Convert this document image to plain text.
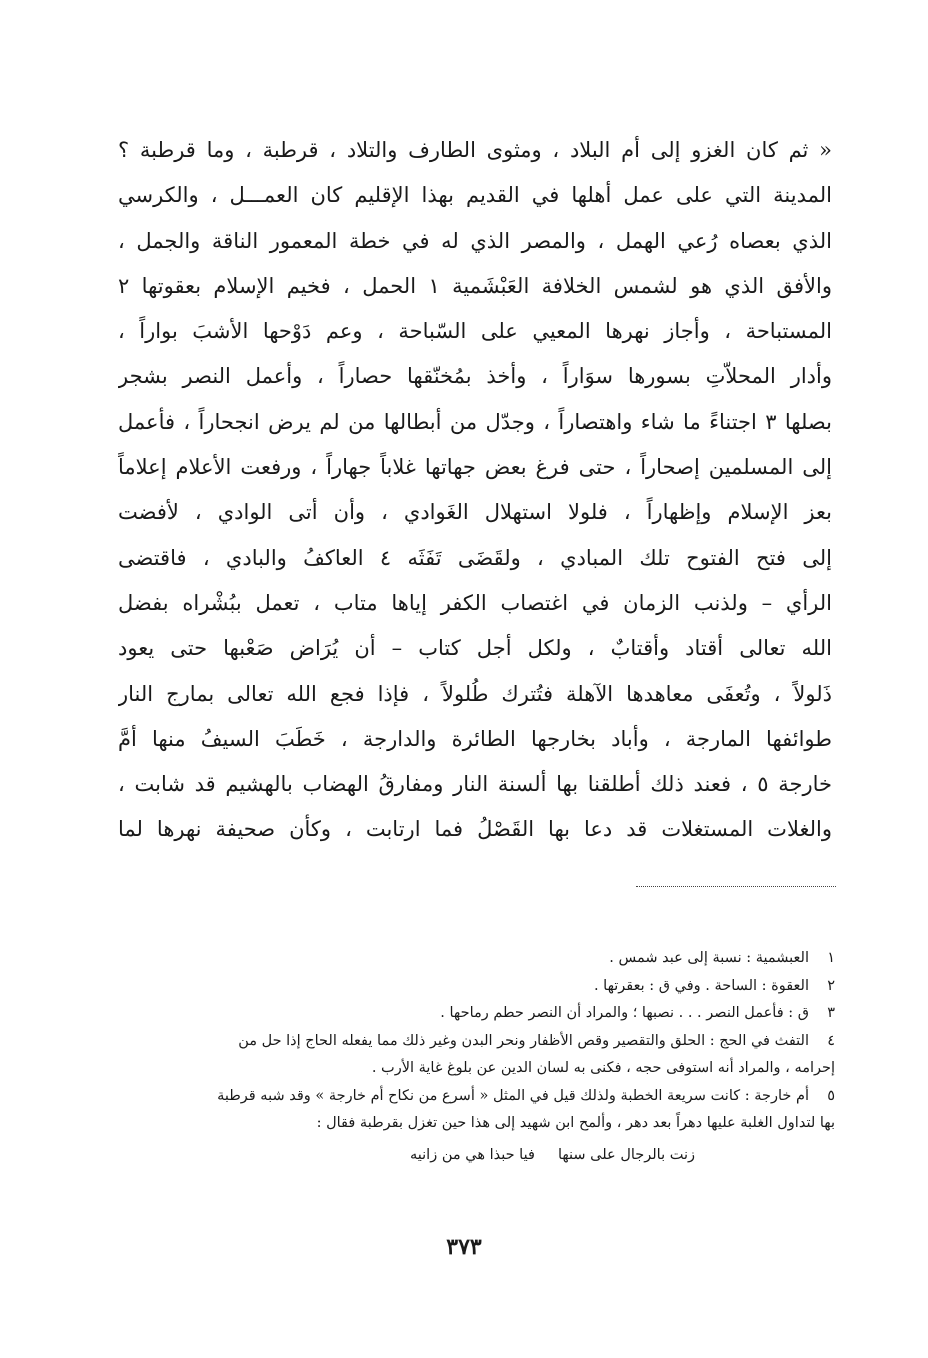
« ثم كان الغزو إلى أم البلاد ، ومثوى الطارف والتلاد ، قرطبة ، وما قرطبة ؟
المدينة التي على عمل أهلها في القديم بهذا الإقليم كان العمـــل ، والكرسي
الذي بعصاه رُعي الهمل ، والمصر الذي له في خطة المعمور الناقة والجمل ،
والأفق الذي هو لشمس الخلافة العَبْشَمية ١ الحمل ، فخيم الإسلام بعقوتها ٢
المستباحة ، وأجاز نهرها المعيي على السّباحة ، وعم دَوْحها الأشبَ بواراً ،
وأدار المحلاّتِ بسورها سوَاراً ، وأخذ بمُخنّقها حصاراً ، وأعمل النصر بشجر
بصلها ٣ اجتناءً ما شاء واهتصاراً ، وجدّل من أبطالها من لم يرض انجحاراً ، فأعمل
إلى المسلمين إصحاراً ، حتى فرغ بعض جهاتها غلاباً جهاراً ، ورفعت الأعلام إعلاماً
بعز الإسلام وإظهاراً ، فلولا استهلال الغَوادي ، وأن أتى الوادي ، لأفضت
إلى فتح الفتوح تلك المبادي ، ولقَضَى تَفَثَه ٤ العاكفُ والبادي ، فاقتضى
الرأي – ولذنب الزمان في اغتصاب الكفر إياها متاب ، تعمل ببُشْراه بفضل
الله تعالى أقتاد وأقتابٌ ، ولكل أجل كتاب – أن يُرَاض صَعْبها حتى يعود
ذَلولاً ، وتُعفَى معاهدها الآهلة فتُترك طُلولاً ، فإذا فجع الله تعالى بمارج النار
طوائفها المارجة ، وأباد بخارجها الطائرة والدارجة ، خَطَبَ السيفُ منها أمَّ
خارجة ٥ ، فعند ذلك أطلقنا بها ألسنة النار ومفارقُ الهضاب بالهشيم قد شابت ،
والغلات المستغلات قد دعا بها القَصْلُ فما ارتابت ، وكأن صحيفة نهرها لما
١العبشمية : نسبة إلى عبد شمس .
٢العقوة : الساحة . وفي ق : بعقرتها .
٣ق : فأعمل النصر . . . نصبها ؛ والمراد أن النصر حطم رماحها .
٤التفث في الحج : الحلق والتقصير وقص الأظفار ونحر البدن وغير ذلك مما يفعله الحاج إذا حل من
إحرامه ، والمراد أنه استوفى حجه ، فكنى به لسان الدين عن بلوغ غاية الأرب .
٥أم خارجة : كانت سريعة الخطبة ولذلك قيل في المثل « أسرع من نكاح أم خارجة » وقد شبه قرطبة
بها لتداول الغلبة عليها دهراً بعد دهر ، وألمح ابن شهيد إلى هذا حين تغزل بقرطبة فقال :
زنت بالرجال على سنها     فيا حبذا هي من زانيه
٣٧٣
